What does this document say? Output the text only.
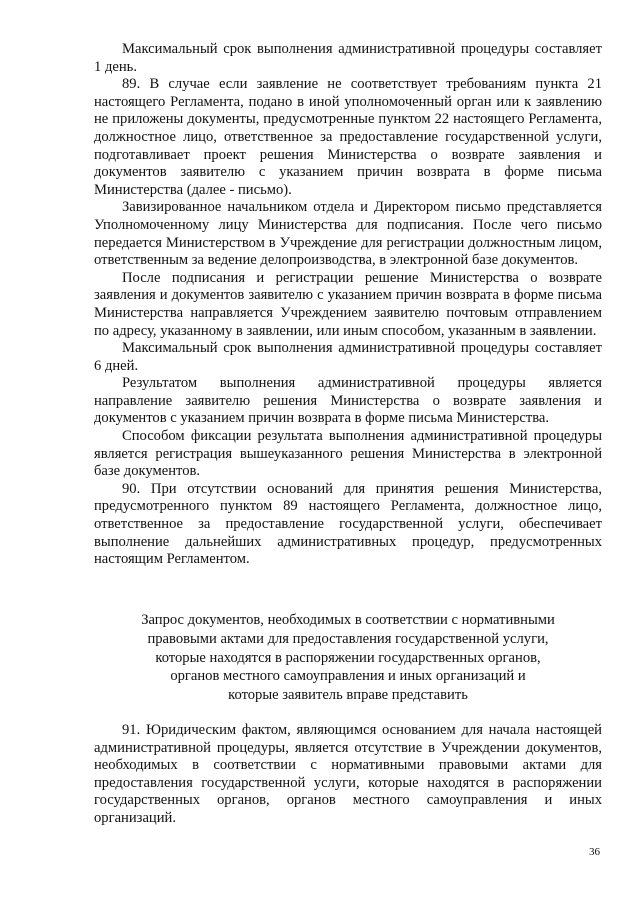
Максимальный срок выполнения административной процедуры составляет 1 день.

89. В случае если заявление не соответствует требованиям пункта 21 настоящего Регламента, подано в иной уполномоченный орган или к заявлению не приложены документы, предусмотренные пунктом 22 настоящего Регламента, должностное лицо, ответственное за предоставление государственной услуги, подготавливает проект решения Министерства о возврате заявления и документов заявителю с указанием причин возврата в форме письма Министерства (далее - письмо).

Завизированное начальником отдела и Директором письмо представляется Уполномоченному лицу Министерства для подписания. После чего письмо передается Министерством в Учреждение для регистрации должностным лицом, ответственным за ведение делопроизводства, в электронной базе документов.

После подписания и регистрации решение Министерства о возврате заявления и документов заявителю с указанием причин возврата в форме письма Министерства направляется Учреждением заявителю почтовым отправлением по адресу, указанному в заявлении, или иным способом, указанным в заявлении.

Максимальный срок выполнения административной процедуры составляет 6 дней.

Результатом выполнения административной процедуры является направление заявителю решения Министерства о возврате заявления и документов с указанием причин возврата в форме письма Министерства.

Способом фиксации результата выполнения административной процедуры является регистрация вышеуказанного решения Министерства в электронной базе документов.

90. При отсутствии оснований для принятия решения Министерства, предусмотренного пунктом 89 настоящего Регламента, должностное лицо, ответственное за предоставление государственной услуги, обеспечивает выполнение дальнейших административных процедур, предусмотренных настоящим Регламентом.

Запрос документов, необходимых в соответствии с нормативными
правовыми актами для предоставления государственной услуги,
которые находятся в распоряжении государственных органов,
органов местного самоуправления и иных организаций и
которые заявитель вправе представить

91. Юридическим фактом, являющимся основанием для начала настоящей административной процедуры, является отсутствие в Учреждении документов, необходимых в соответствии с нормативными правовыми актами для предоставления государственной услуги, которые находятся в распоряжении государственных органов, органов местного самоуправления и иных организаций.

36
